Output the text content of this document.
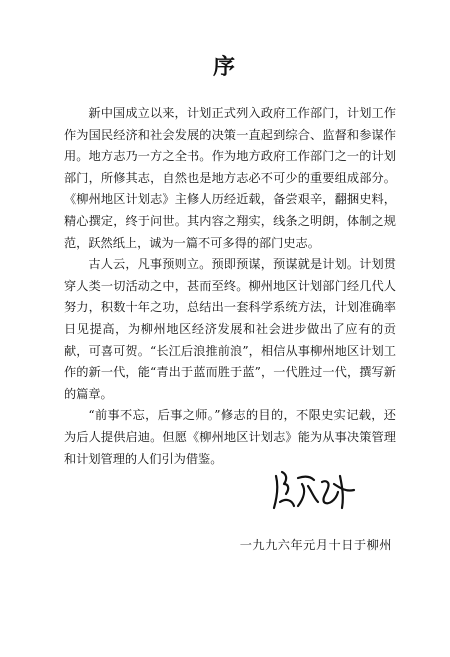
序

新中国成立以来，计划正式列入政府工作部门，计划工作作为国民经济和社会发展的决策一直起到综合、监督和参谋作用。地方志乃一方之全书。作为地方政府工作部门之一的计划部门，所修其志，自然也是地方志必不可少的重要组成部分。《柳州地区计划志》主修人历经近载，备尝艰辛，翻捆史料，精心撰定，终于问世。其内容之翔实，线条之明朗，体制之规范，跃然纸上，诚为一篇不可多得的部门史志。

古人云，凡事预则立。预即预谋，预谋就是计划。计划贯穿人类一切活动之中，甚而至终。柳州地区计划部门经几代人努力，积数十年之功，总结出一套科学系统方法，计划准确率日见提高，为柳州地区经济发展和社会进步做出了应有的贡献，可喜可贺。“长江后浪推前浪”，相信从事柳州地区计划工作的新一代，能“青出于蓝而胜于蓝”，一代胜过一代，撰写新的篇章。

“前事不忘，后事之师。”修志的目的，不限史实记载，还为后人提供启迪。但愿《柳州地区计划志》能为从事决策管理和计划管理的人们引为借鉴。

一九九六年元月十日于柳州
